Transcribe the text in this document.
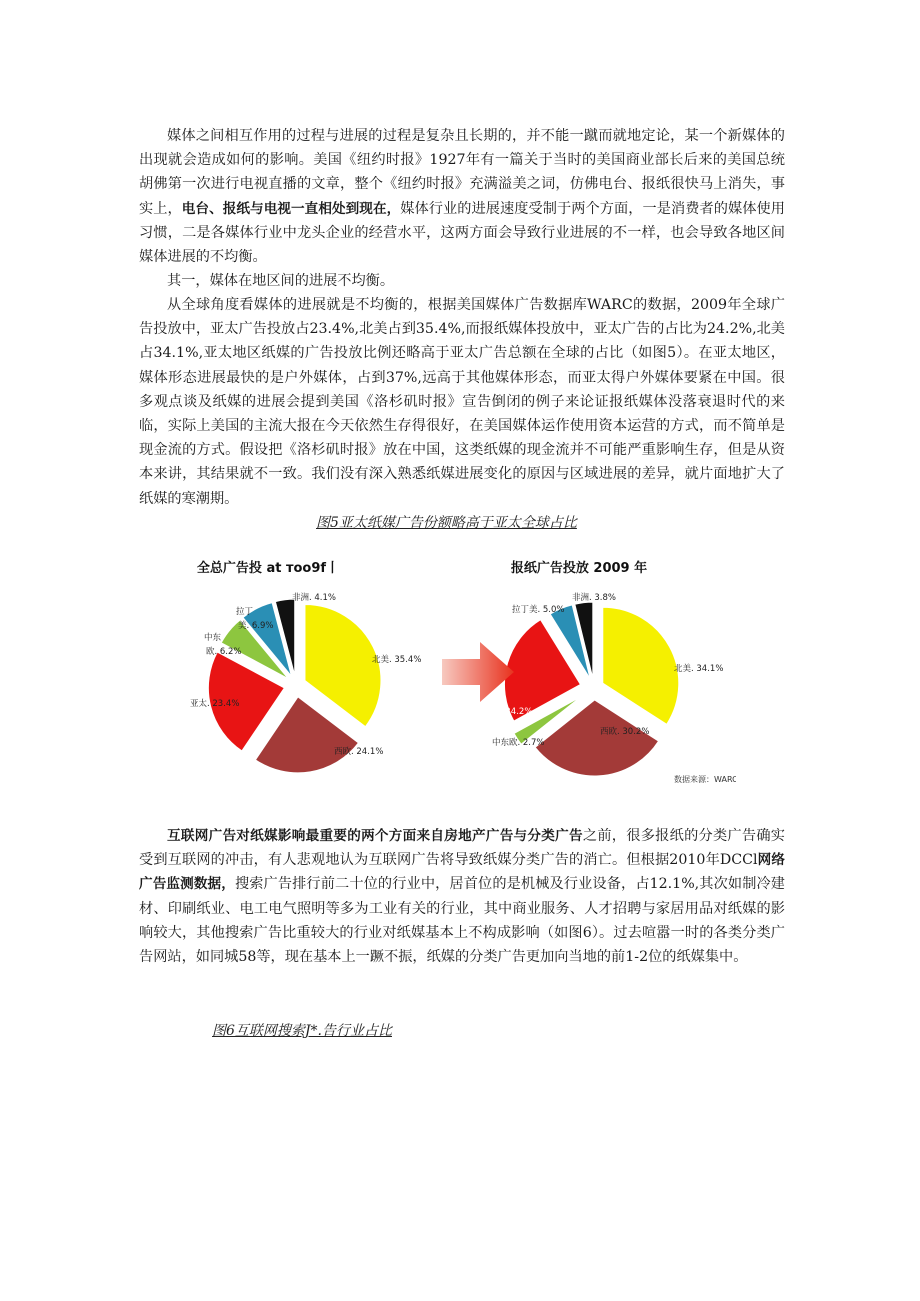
媒体之间相互作用的过程与进展的过程是复杂且长期的，并不能一蹴而就地定论，某一个新媒体的出现就会造成如何的影响。美国《纽约时报》1927年有一篇关于当时的美国商业部长后来的美国总统胡佛第一次进行电视直播的文章，整个《纽约时报》充满溢美之词，仿佛电台、报纸很快马上消失，事实上，电台、报纸与电视一直相处到现在，媒体行业的进展速度受制于两个方面，一是消费者的媒体使用习惯，二是各媒体行业中龙头企业的经营水平，这两方面会导致行业进展的不一样，也会导致各地区间媒体进展的不均衡。

其一，媒体在地区间的进展不均衡。

从全球角度看媒体的进展就是不均衡的，根据美国媒体广告数据库WARC的数据，2009年全球广告投放中，亚太广告投放占23.4%,北美占到35.4%,而报纸媒体投放中，亚太广告的占比为24.2%,北美占34.1%,亚太地区纸媒的广告投放比例还略高于亚太广告总额在全球的占比（如图5）。在亚太地区，媒体形态进展最快的是户外媒体，占到37%,远高于其他媒体形态，而亚太得户外媒体要紧在中国。很多观点谈及纸媒的进展会提到美国《洛杉矶时报》宣告倒闭的例子来论证报纸媒体没落衰退时代的来临，实际上美国的主流大报在今天依然生存得很好，在美国媒体运作使用资本运营的方式，而不简单是现金流的方式。假设把《洛杉矶时报》放在中国，这类纸媒的现金流并不可能严重影响生存，但是从资本来讲，其结果就不一致。我们没有深入熟悉纸媒进展变化的原因与区域进展的差异，就片面地扩大了纸媒的寒潮期。

图5亚太纸媒广告份额略高于亚太全球占比
全总广告投 at тоo9f丨	报纸广告投放 2009 年
北美. 35.4%
西欧. 24.1%
亚太. 23.4%
中东
欧. 6.2%
拉丁
美. 6.9%
非洲. 4.1%
北美. 34.1%
西欧. 30.2%
中东欧. 2.7%
亚太. 24.2%
拉丁美. 5.0%
非洲. 3.8%
数据来源：WARC

互联网广告对纸媒影响最重要的两个方面来自房地产广告与分类广告之前，很多报纸的分类广告确实受到互联网的冲击，有人悲观地认为互联网广告将导致纸媒分类广告的消亡。但根据2010年DCCl网络广告监测数据，搜索广告排行前二十位的行业中，居首位的是机械及行业设备，占12.1%,其次如制冷建材、印刷纸业、电工电气照明等多为工业有关的行业，其中商业服务、人才招聘与家居用品对纸媒的影响较大，其他搜索广告比重较大的行业对纸媒基本上不构成影响（如图6）。过去喧嚣一时的各类分类广告网站，如同城58等，现在基本上一蹶不振，纸媒的分类广告更加向当地的前1-2位的纸媒集中。

图6互联网搜索J*.告行业占比
